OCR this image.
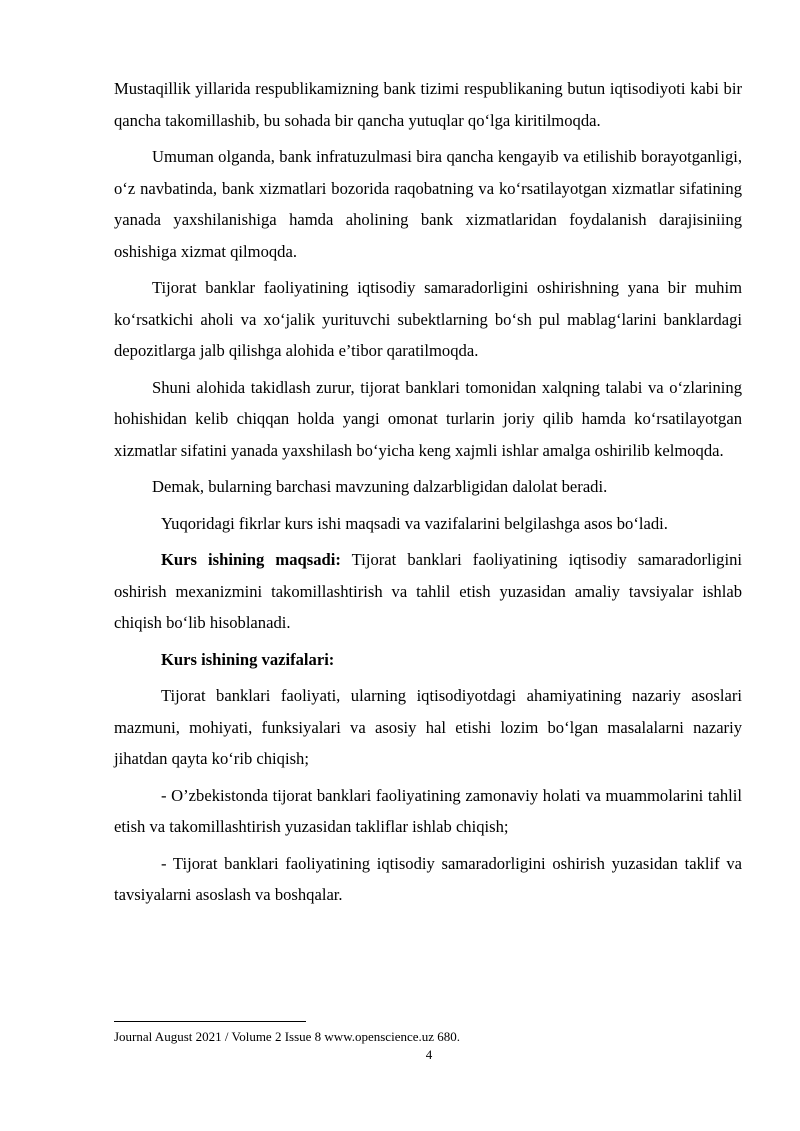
Mustaqillik yillarida respublikamizning bank tizimi respublikaning butun iqtisodiyoti kabi bir qancha takomillashib, bu sohada bir qancha yutuqlar qo‘lga kiritilmoqda.

Umuman olganda, bank infratuzulmasi bira qancha kengayib va etilishib borayotganligi, o‘z navbatinda, bank xizmatlari bozorida raqobatning va ko‘rsatilayotgan xizmatlar sifatining yanada yaxshilanishiga hamda aholining bank xizmatlaridan foydalanish darajisiniing oshishiga xizmat qilmoqda.

Tijorat banklar faoliyatining iqtisodiy samaradorligini oshirishning yana bir muhim ko‘rsatkichi aholi va xo‘jalik yurituvchi subektlarning bo‘sh pul mablag‘larini banklardagi depozitlarga jalb qilishga alohida e’tibor qaratilmoqda.

Shuni alohida takidlash zurur, tijorat banklari tomonidan xalqning talabi va o‘zlarining hohishidan kelib chiqqan holda yangi omonat turlarin joriy qilib hamda ko‘rsatilayotgan xizmatlar sifatini yanada yaxshilash bo‘yicha keng xajmli ishlar amalga oshirilib kelmoqda.

Demak, bularning barchasi mavzuning dalzarbligidan dalolat beradi.

Yuqoridagi fikrlar kurs ishi maqsadi va vazifalarini belgilashga asos bo‘ladi.

Kurs ishining maqsadi: Tijorat banklari faoliyatining iqtisodiy samaradorligini oshirish mexanizmini takomillashtirish va tahlil etish yuzasidan amaliy tavsiyalar ishlab chiqish bo‘lib hisoblanadi.

Kurs ishining vazifalari:

Tijorat banklari faoliyati, ularning iqtisodiyotdagi ahamiyatining nazariy asoslari mazmuni, mohiyati, funksiyalari va asosiy hal etishi lozim bo‘lgan masalalarni nazariy jihatdan qayta ko‘rib chiqish;

- O’zbekistonda tijorat banklari faoliyatining zamonaviy holati va muammolarini tahlil etish va takomillashtirish yuzasidan takliflar ishlab chiqish;

- Tijorat banklari faoliyatining iqtisodiy samaradorligini oshirish yuzasidan taklif va tavsiyalarni asoslash va boshqalar.

Journal August 2021 / Volume 2 Issue 8 www.openscience.uz 680.
4
